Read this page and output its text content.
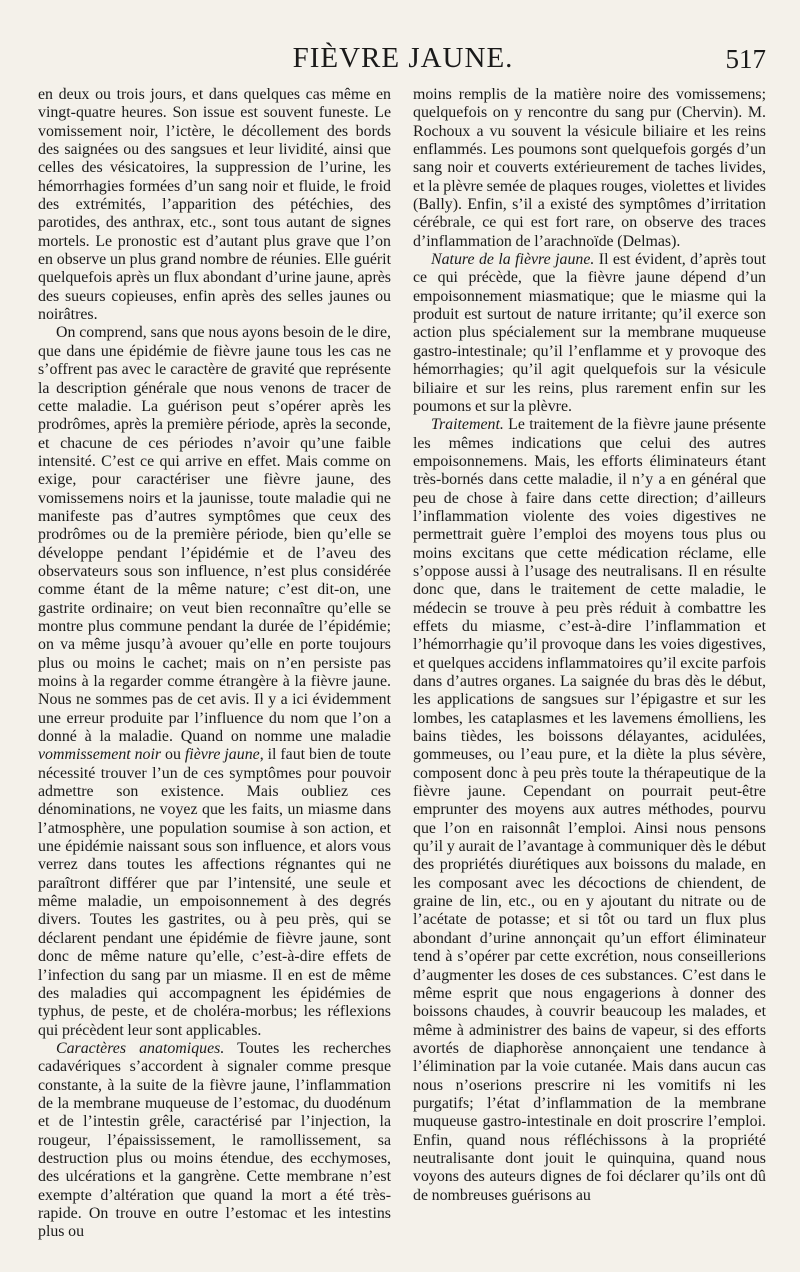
FIÈVRE JAUNE.	517

en deux ou trois jours, et dans quelques cas même en vingt-quatre heures. Son issue est souvent funeste. Le vomissement noir, l’ictère, le décollement des bords des saignées ou des sangsues et leur lividité, ainsi que celles des vésicatoires, la suppression de l’urine, les hémorrhagies formées d’un sang noir et fluide, le froid des extrémités, l’apparition des pétéchies, des parotides, des anthrax, etc., sont tous autant de signes mortels. Le pronostic est d’autant plus grave que l’on en observe un plus grand nombre de réunies. Elle guérit quelquefois après un flux abondant d’urine jaune, après des sueurs copieuses, enfin après des selles jaunes ou noirâtres.

On comprend, sans que nous ayons besoin de le dire, que dans une épidémie de fièvre jaune tous les cas ne s’offrent pas avec le caractère de gravité que représente la description générale que nous venons de tracer de cette maladie. La guérison peut s’opérer après les prodrômes, après la première période, après la seconde, et chacune de ces périodes n’avoir qu’une faible intensité. C’est ce qui arrive en effet. Mais comme on exige, pour caractériser une fièvre jaune, des vomissemens noirs et la jaunisse, toute maladie qui ne manifeste pas d’autres symptômes que ceux des prodrômes ou de la première période, bien qu’elle se développe pendant l’épidémie et de l’aveu des observateurs sous son influence, n’est plus considérée comme étant de la même nature; c’est dit-on, une gastrite ordinaire; on veut bien reconnaître qu’elle se montre plus commune pendant la durée de l’épidémie; on va même jusqu’à avouer qu’elle en porte toujours plus ou moins le cachet; mais on n’en persiste pas moins à la regarder comme étrangère à la fièvre jaune. Nous ne sommes pas de cet avis. Il y a ici évidemment une erreur produite par l’influence du nom que l’on a donné à la maladie. Quand on nomme une maladie vommissement noir ou fièvre jaune, il faut bien de toute nécessité trouver l’un de ces symptômes pour pouvoir admettre son existence. Mais oubliez ces dénominations, ne voyez que les faits, un miasme dans l’atmosphère, une population soumise à son action, et une épidémie naissant sous son influence, et alors vous verrez dans toutes les affections régnantes qui ne paraîtront différer que par l’intensité, une seule et même maladie, un empoisonnement à des degrés divers. Toutes les gastrites, ou à peu près, qui se déclarent pendant une épidémie de fièvre jaune, sont donc de même nature qu’elle, c’est-à-dire effets de l’infection du sang par un miasme. Il en est de même des maladies qui accompagnent les épidémies de typhus, de peste, et de choléra-morbus; les réflexions qui précèdent leur sont applicables.

Caractères anatomiques. Toutes les recherches cadavériques s’accordent à signaler comme presque constante, à la suite de la fièvre jaune, l’inflammation de la membrane muqueuse de l’estomac, du duodénum et de l’intestin grêle, caractérisé par l’injection, la rougeur, l’épaississement, le ramollissement, sa destruction plus ou moins étendue, des ecchymoses, des ulcérations et la gangrène. Cette membrane n’est exempte d’altération que quand la mort a été très-rapide. On trouve en outre l’estomac et les intestins plus ou

moins remplis de la matière noire des vomissemens; quelquefois on y rencontre du sang pur (Chervin). M. Rochoux a vu souvent la vésicule biliaire et les reins enflammés. Les poumons sont quelquefois gorgés d’un sang noir et couverts extérieurement de taches livides, et la plèvre semée de plaques rouges, violettes et livides (Bally). Enfin, s’il a existé des symptômes d’irritation cérébrale, ce qui est fort rare, on observe des traces d’inflammation de l’arachnoïde (Delmas).

Nature de la fièvre jaune. Il est évident, d’après tout ce qui précède, que la fièvre jaune dépend d’un empoisonnement miasmatique; que le miasme qui la produit est surtout de nature irritante; qu’il exerce son action plus spécialement sur la membrane muqueuse gastro-intestinale; qu’il l’enflamme et y provoque des hémorrhagies; qu’il agit quelquefois sur la vésicule biliaire et sur les reins, plus rarement enfin sur les poumons et sur la plèvre.

Traitement. Le traitement de la fièvre jaune présente les mêmes indications que celui des autres empoisonnemens. Mais, les efforts éliminateurs étant très-bornés dans cette maladie, il n’y a en général que peu de chose à faire dans cette direction; d’ailleurs l’inflammation violente des voies digestives ne permettrait guère l’emploi des moyens tous plus ou moins excitans que cette médication réclame, elle s’oppose aussi à l’usage des neutralisans. Il en résulte donc que, dans le traitement de cette maladie, le médecin se trouve à peu près réduit à combattre les effets du miasme, c’est-à-dire l’inflammation et l’hémorrhagie qu’il provoque dans les voies digestives, et quelques accidens inflammatoires qu’il excite parfois dans d’autres organes. La saignée du bras dès le début, les applications de sangsues sur l’épigastre et sur les lombes, les cataplasmes et les lavemens émolliens, les bains tièdes, les boissons délayantes, acidulées, gommeuses, ou l’eau pure, et la diète la plus sévère, composent donc à peu près toute la thérapeutique de la fièvre jaune. Cependant on pourrait peut-être emprunter des moyens aux autres méthodes, pourvu que l’on en raisonnât l’emploi. Ainsi nous pensons qu’il y aurait de l’avantage à communiquer dès le début des propriétés diurétiques aux boissons du malade, en les composant avec les décoctions de chiendent, de graine de lin, etc., ou en y ajoutant du nitrate ou de l’acétate de potasse; et si tôt ou tard un flux plus abondant d’urine annonçait qu’un effort éliminateur tend à s’opérer par cette excrétion, nous conseillerions d’augmenter les doses de ces substances. C’est dans le même esprit que nous engagerions à donner des boissons chaudes, à couvrir beaucoup les malades, et même à administrer des bains de vapeur, si des efforts avortés de diaphorèse annonçaient une tendance à l’élimination par la voie cutanée. Mais dans aucun cas nous n’oserions prescrire ni les vomitifs ni les purgatifs; l’état d’inflammation de la membrane muqueuse gastro-intestinale en doit proscrire l’emploi. Enfin, quand nous réfléchissons à la propriété neutralisante dont jouit le quinquina, quand nous voyons des auteurs dignes de foi déclarer qu’ils ont dû de nombreuses guérisons au
